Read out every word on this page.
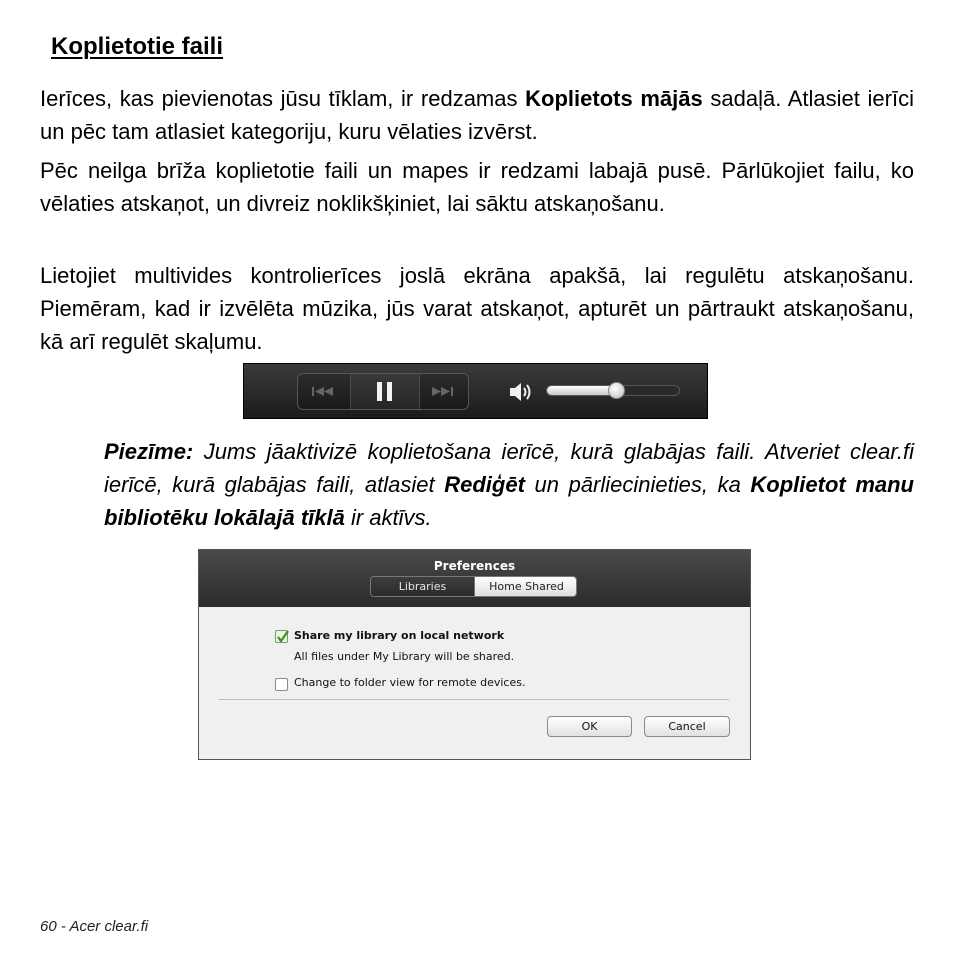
Koplietotie faili
Ierīces, kas pievienotas jūsu tīklam, ir redzamas Koplietots mājās sadaļā. Atlasiet ierīci un pēc tam atlasiet kategoriju, kuru vēlaties izvērst.
Pēc neilga brīža koplietotie faili un mapes ir redzami labajā pusē. Pārlūkojiet failu, ko vēlaties atskaņot, un divreiz noklikšķiniet, lai sāktu atskaņošanu.
Lietojiet multivides kontrolierīces joslā ekrāna apakšā, lai regulētu atskaņošanu. Piemēram, kad ir izvēlēta mūzika, jūs varat atskaņot, apturēt un pārtraukt atskaņošanu, kā arī regulēt skaļumu.
Piezīme: Jums jāaktivizē koplietošana ierīcē, kurā glabājas faili. Atveriet clear.fi ierīcē, kurā glabājas faili, atlasiet Rediģēt un pārliecinieties, ka Koplietot manu bibliotēku lokālajā tīklā ir aktīvs.
Preferences
Libraries	Home Shared
Share my library on local network
All files under My Library will be shared.
Change to folder view for remote devices.
OK	Cancel
60 - Acer clear.fi
